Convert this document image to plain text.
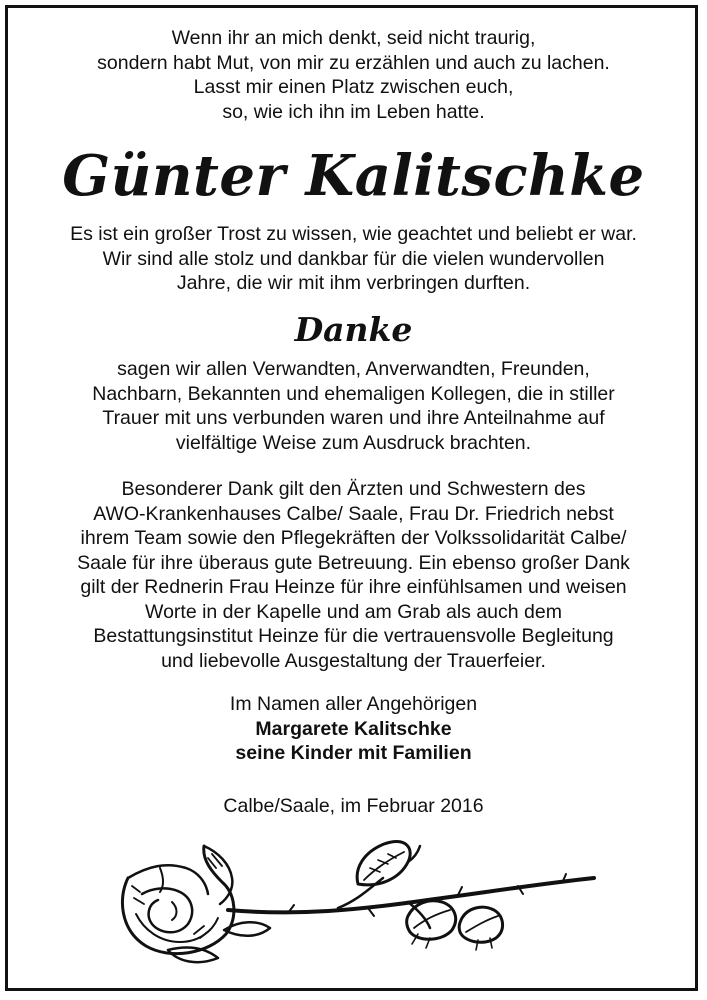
Wenn ihr an mich denkt, seid nicht traurig,
sondern habt Mut, von mir zu erzählen und auch zu lachen.
Lasst mir einen Platz zwischen euch,
so, wie ich ihn im Leben hatte.
Günter Kalitschke
Es ist ein großer Trost zu wissen, wie geachtet und beliebt er war.
Wir sind alle stolz und dankbar für die vielen wundervollen
Jahre, die wir mit ihm verbringen durften.
Danke
sagen wir allen Verwandten, Anverwandten, Freunden,
Nachbarn, Bekannten und ehemaligen Kollegen, die in stiller
Trauer mit uns verbunden waren und ihre Anteilnahme auf
vielfältige Weise zum Ausdruck brachten.
Besonderer Dank gilt den Ärzten und Schwestern des
AWO-Krankenhauses Calbe/ Saale, Frau Dr. Friedrich nebst
ihrem Team sowie den Pflegekräften der Volkssolidarität Calbe/
Saale für ihre überaus gute Betreuung. Ein ebenso großer Dank
gilt der Rednerin Frau Heinze für ihre einfühlsamen und weisen
Worte in der Kapelle und am Grab als auch dem
Bestattungsinstitut Heinze für die vertrauensvolle Begleitung
und liebevolle Ausgestaltung der Trauerfeier.
Im Namen aller Angehörigen
Margarete Kalitschke
seine Kinder mit Familien
Calbe/Saale, im Februar 2016
